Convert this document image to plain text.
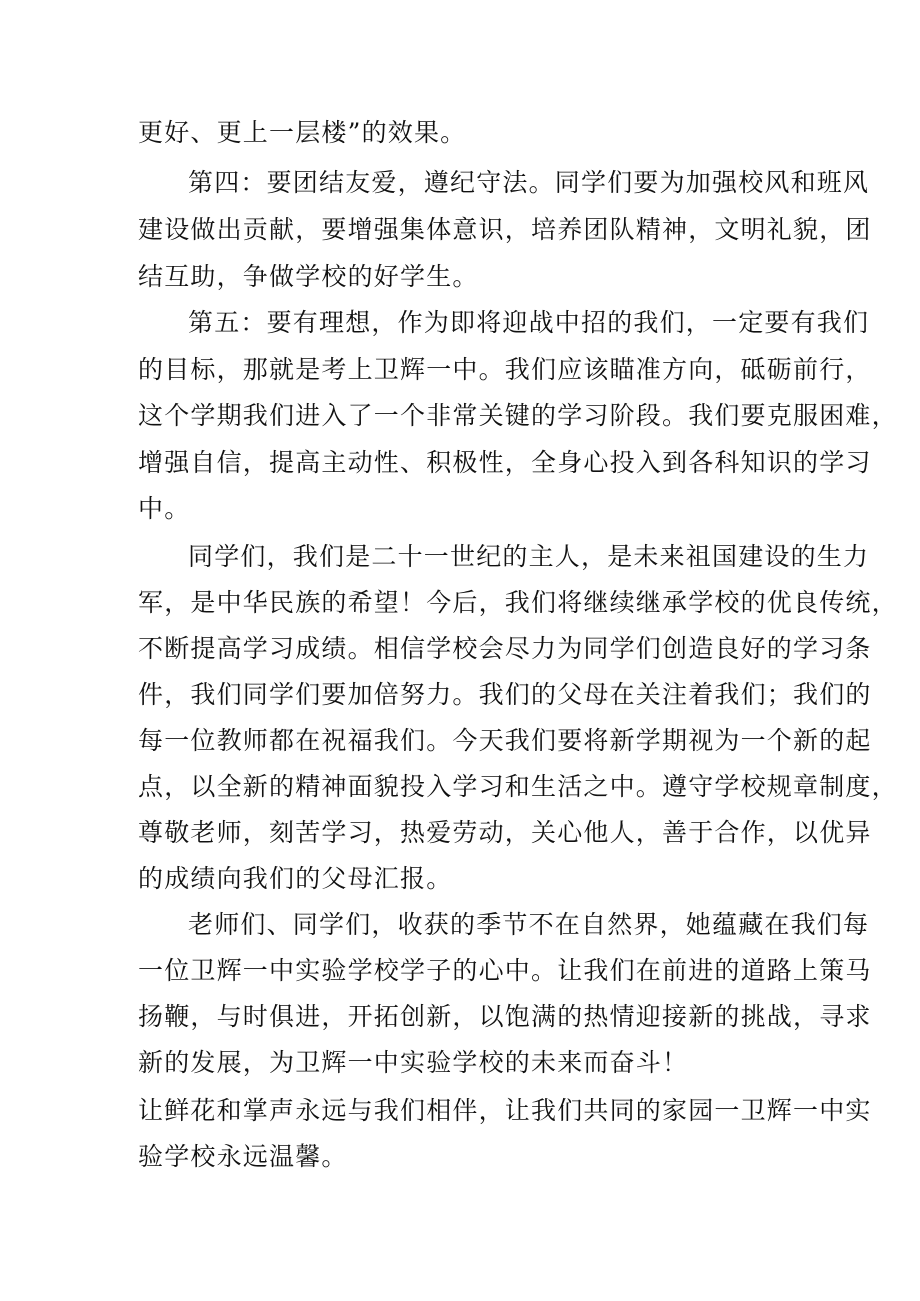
更好、更上一层楼”的效果。
第四：要团结友爱，遵纪守法。同学们要为加强校风和班风
建设做出贡献，要增强集体意识，培养团队精神，文明礼貌，团
结互助，争做学校的好学生。
第五：要有理想，作为即将迎战中招的我们，一定要有我们
的目标，那就是考上卫辉一中。我们应该瞄准方向，砥砺前行，
这个学期我们进入了一个非常关键的学习阶段。我们要克服困难，
增强自信，提高主动性、积极性，全身心投入到各科知识的学习
中。
同学们，我们是二十一世纪的主人，是未来祖国建设的生力
军，是中华民族的希望！今后，我们将继续继承学校的优良传统，
不断提高学习成绩。相信学校会尽力为同学们创造良好的学习条
件，我们同学们要加倍努力。我们的父母在关注着我们；我们的
每一位教师都在祝福我们。今天我们要将新学期视为一个新的起
点，以全新的精神面貌投入学习和生活之中。遵守学校规章制度，
尊敬老师，刻苦学习，热爱劳动，关心他人，善于合作，以优异
的成绩向我们的父母汇报。
老师们、同学们，收获的季节不在自然界，她蕴藏在我们每
一位卫辉一中实验学校学子的心中。让我们在前进的道路上策马
扬鞭，与时俱进，开拓创新，以饱满的热情迎接新的挑战，寻求
新的发展，为卫辉一中实验学校的未来而奋斗！
让鲜花和掌声永远与我们相伴，让我们共同的家园一卫辉一中实
验学校永远温馨。
